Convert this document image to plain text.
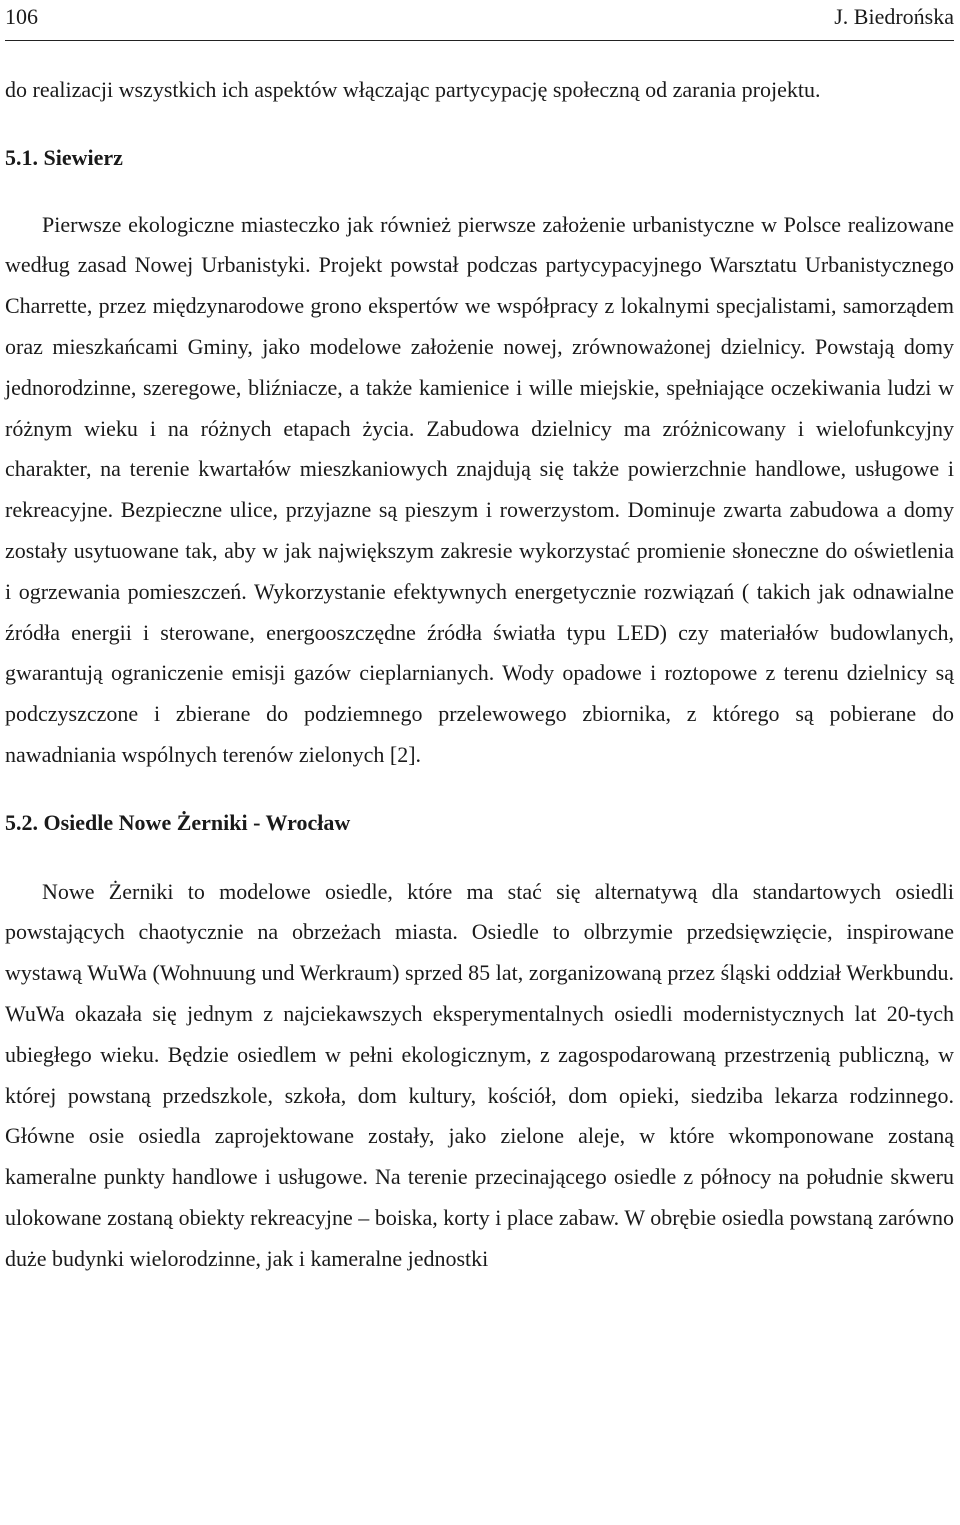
106	J. Biedrońska

do realizacji wszystkich ich aspektów włączając partycypację społeczną od zarania projektu.

5.1. Siewierz

Pierwsze ekologiczne miasteczko jak również pierwsze założenie urbanistyczne w Polsce realizowane według zasad Nowej Urbanistyki. Projekt powstał podczas partycypacyjnego Warsztatu Urbanistycznego Charrette, przez międzynarodowe grono ekspertów we współpracy z lokalnymi specjalistami, samorządem oraz mieszkańcami Gminy, jako modelowe założenie nowej, zrównoważonej dzielnicy. Powstają domy jednorodzinne, szeregowe, bliźniacze, a także kamienice i wille miejskie, spełniające oczekiwania ludzi w różnym wieku i na różnych etapach życia. Zabudowa dzielnicy ma zróżnicowany i wielofunkcyjny charakter, na terenie kwartałów mieszkaniowych znajdują się także powierzchnie handlowe, usługowe i rekreacyjne. Bezpieczne ulice, przyjazne są pieszym i rowerzystom. Dominuje zwarta zabudowa a domy zostały usytuowane tak, aby w jak największym zakresie wykorzystać promienie słoneczne do oświetlenia i ogrzewania pomieszczeń. Wykorzystanie efektywnych energetycznie rozwiązań ( takich jak odnawialne źródła energii i sterowane, energooszczędne źródła światła typu LED) czy materiałów budowlanych, gwarantują ograniczenie emisji gazów cieplarnianych. Wody opadowe i roztopowe z terenu dzielnicy są podczyszczone i zbierane do podziemnego przelewowego zbiornika, z którego są pobierane do nawadniania wspólnych terenów zielonych [2].

5.2. Osiedle Nowe Żerniki - Wrocław

Nowe Żerniki to modelowe osiedle, które ma stać się alternatywą dla standartowych osiedli powstających chaotycznie na obrzeżach miasta. Osiedle to olbrzymie przedsięwzięcie, inspirowane wystawą WuWa (Wohnuung und Werkraum) sprzed 85 lat, zorganizowaną przez śląski oddział Werkbundu. WuWa okazała się jednym z najciekawszych eksperymentalnych osiedli modernistycznych lat 20-tych ubiegłego wieku. Będzie osiedlem w pełni ekologicznym, z zagospodarowaną przestrzenią publiczną, w której powstaną przedszkole, szkoła, dom kultury, kościół, dom opieki, siedziba lekarza rodzinnego. Główne osie osiedla zaprojektowane zostały, jako zielone aleje, w które wkomponowane zostaną kameralne punkty handlowe i usługowe. Na terenie przecinającego osiedle z północy na południe skweru ulokowane zostaną obiekty rekreacyjne – boiska, korty i place zabaw. W obrębie osiedla powstaną zarówno duże budynki wielorodzinne, jak i kameralne jednostki
